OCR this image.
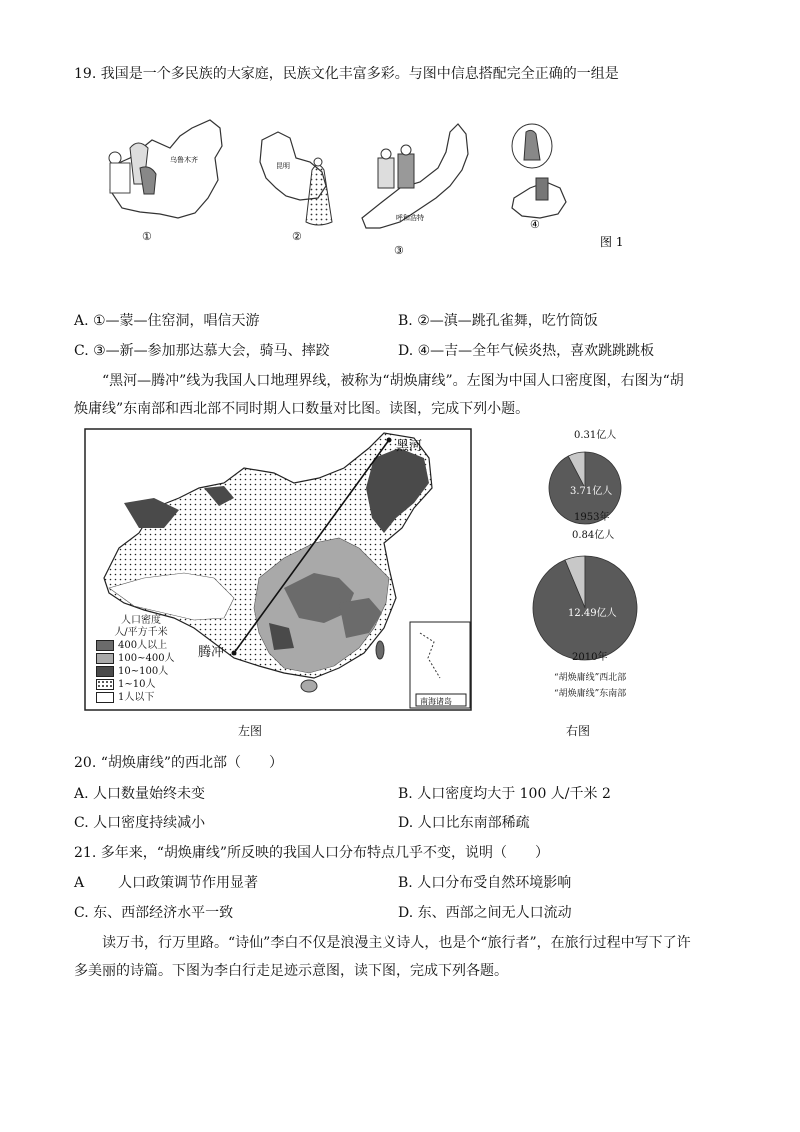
19. 我国是一个多民族的大家庭，民族文化丰富多彩。与图中信息搭配完全正确的一组是
乌鲁木齐
①
昆明
②
呼和浩特
③
④
图 1
A. ①—蒙—住窑洞，唱信天游	B. ②—滇—跳孔雀舞，吃竹筒饭
C. ③—新—参加那达慕大会，骑马、摔跤	D. ④—吉—全年气候炎热，喜欢跳跳跳板
“黑河—腾冲”线为我国人口地理界线，被称为“胡焕庸线”。左图为中国人口密度图，右图为“胡
焕庸线”东南部和西北部不同时期人口数量对比图。读图，完成下列小题。
南海诸岛
黑河
腾冲
人口密度
人/平方千米
400人以上
100~400人
10~100人
1~10人
1人以下
左图
0.31亿人
3.71亿人
1953年
0.84亿人
12.49亿人
2010年
“胡焕庸线”西北部
“胡焕庸线”东南部
右图
20. “胡焕庸线”的西北部（　　）
A. 人口数量始终未变	B. 人口密度均大于 100 人/千米 2
C. 人口密度持续减小	D. 人口比东南部稀疏
21. 多年来，“胡焕庸线”所反映的我国人口分布特点几乎不变，说明（　　）
A 人口政策调节作用显著	B. 人口分布受自然环境影响
C. 东、西部经济水平一致	D. 东、西部之间无人口流动
读万书，行万里路。“诗仙”李白不仅是浪漫主义诗人，也是个“旅行者”，在旅行过程中写下了许
多美丽的诗篇。下图为李白行走足迹示意图，读下图，完成下列各题。
